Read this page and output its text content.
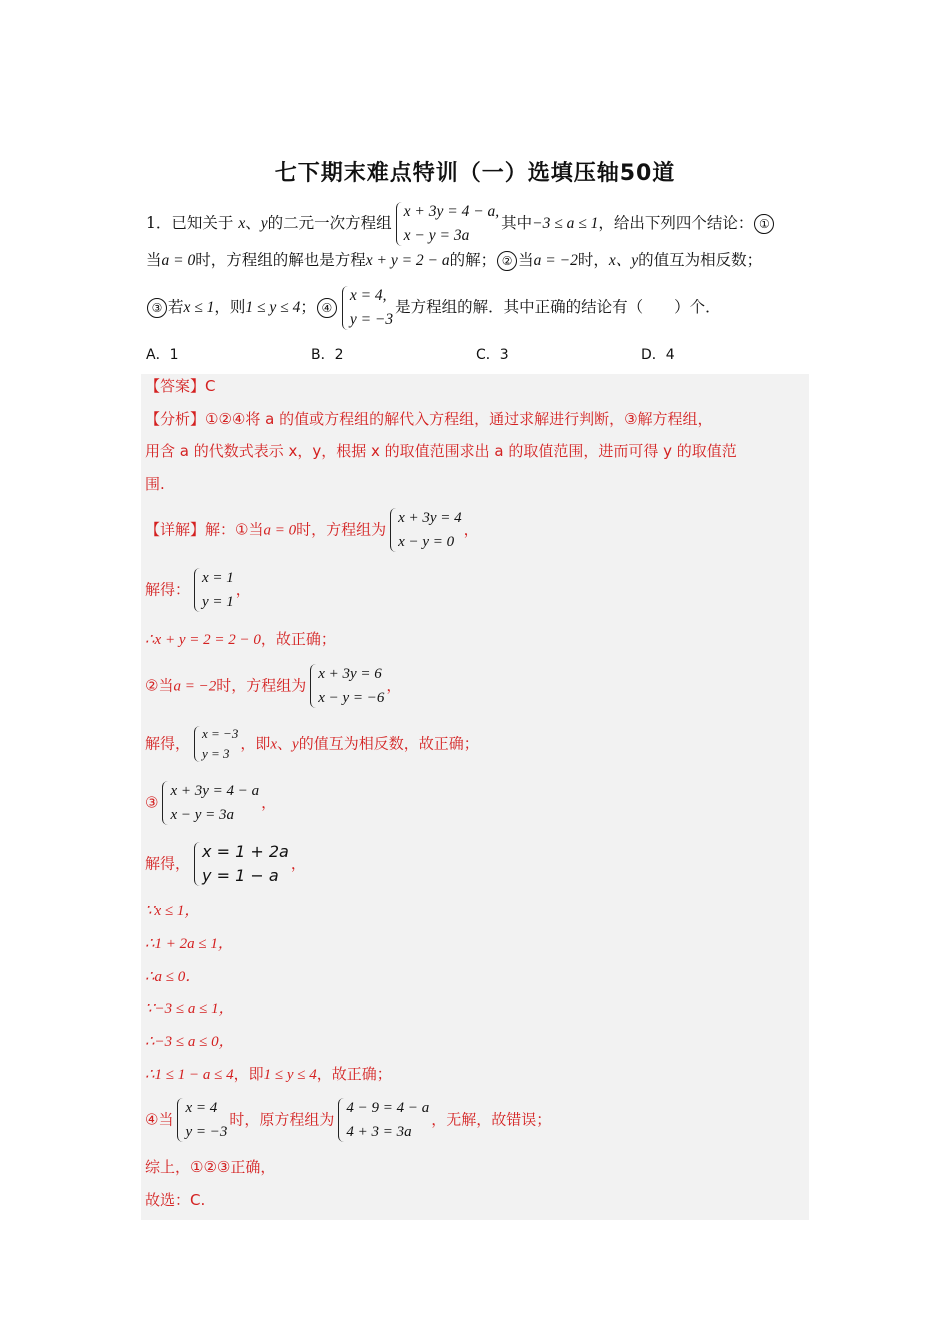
七下期末难点特训（一）选填压轴50道
1．已知关于 x、y的二元一次方程组
x + 3y = 4 − a,
x − y = 3a
其中−3 ≤ a ≤ 1，给出下列四个结论： ①
当a = 0时，方程组的解也是方程x + y = 2 − a的解； ② 当a = −2时，x、y的值互为相反数；
③ 若x ≤ 1，则1 ≤ y ≤ 4； ④
x = 4,
y = −3
是方程组的解．其中正确的结论有（　　）个．
A．1	B．2	C．3	D．4
【答案】C
【分析】①②④将 a 的值或方程组的解代入方程组，通过求解进行判断，③解方程组，
用含 a 的代数式表示 x，y，根据 x 的取值范围求出 a 的取值范围，进而可得 y 的取值范
围.
【详解】解：①当a = 0时，方程组为
x + 3y = 4
x − y = 0
，
解得：
x = 1
y = 1
，
∴x + y = 2 = 2 − 0，故正确；
②当a = −2时，方程组为
x + 3y = 6
x − y = −6
，
解得，
x = −3
y = 3
，即x、y的值互为相反数，故正确；
③
x + 3y = 4 − a
x − y = 3a
，
解得，
x = 1 + 2a
y = 1 − a
，
∵x ≤ 1，
∴1 + 2a ≤ 1，
∴a ≤ 0．
∵−3 ≤ a ≤ 1，
∴−3 ≤ a ≤ 0，
∴1 ≤ 1 − a ≤ 4，即1 ≤ y ≤ 4，故正确；
④当
x = 4
y = −3
时，原方程组为
4 − 9 = 4 − a
4 + 3 = 3a
，无解，故错误；
综上，①②③正确，
故选：C.
